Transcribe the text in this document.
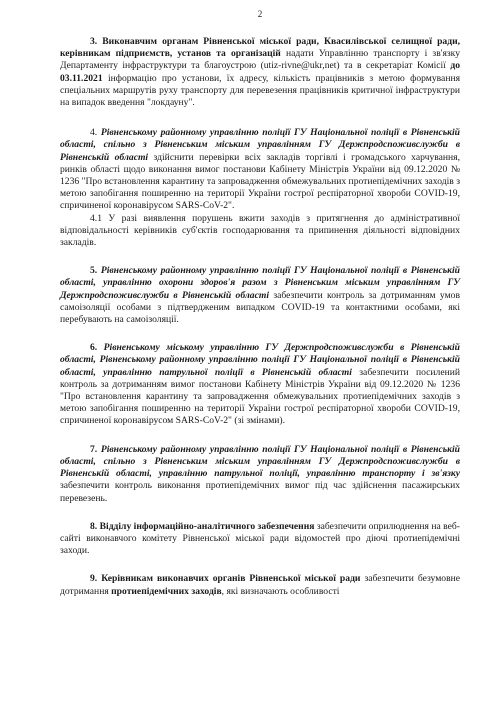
2

3. Виконавчим органам Рівненської міської ради, Квасилівської селищної ради, керівникам підприємств, установ та організацій надати Управлінню транспорту і зв'язку Департаменту інфраструктури та благоустрою (utiz-rivne@ukr,net) та в секретаріат Комісії до 03.11.2021 інформацію про установи, їх адресу, кількість працівників з метою формування спеціальних маршрутів руху транспорту для перевезення працівників критичної інфраструктури на випадок введення "локдауну".

4. Рівненському районному управлінню поліції ГУ Національної поліції в Рівненській області, спільно з Рівненським міським управлінням ГУ Держпродспоживслужби в Рівненській області здійснити перевірки всіх закладів торгівлі і громадського харчування, ринків області щодо виконання вимог постанови Кабінету Міністрів України від 09.12.2020 № 1236 "Про встановлення карантину та запровадження обмежувальних протиепідемічних заходів з метою запобігання поширенню на території України гострої респіраторної хвороби COVID-19, спричиненої коронавірусом SARS-CoV-2".

4.1 У разі виявлення порушень вжити заходів з притягнення до адміністративної відповідальності керівників суб'єктів господарювання та припинення діяльності відповідних закладів.

5. Рівненському районному управлінню поліції ГУ Національної поліції в Рівненській області, управлінню охорони здоров'я разом з Рівненським міським управлінням ГУ Держпродспоживслужби в Рівненській області забезпечити контроль за дотриманням умов самоізоляції особами з підтвердженим випадком COVID-19 та контактними особами, які перебувають на самоізоляції.

6. Рівненському міському управлінню ГУ Держпродспоживслужби в Рівненській області, Рівненському районному управлінню поліції ГУ Національної поліції в Рівненській області, управлінню патрульної поліції в Рівненській області забезпечити посилений контроль за дотриманням вимог постанови Кабінету Міністрів України від 09.12.2020 № 1236 "Про встановлення карантину та запровадження обмежувальних протиепідемічних заходів з метою запобігання поширенню на території України гострої респіраторної хвороби COVID-19, спричиненої коронавірусом SARS-CoV-2" (зі змінами).

7. Рівненському районному управлінню поліції ГУ Національної поліції в Рівненській області, спільно з Рівненським міським управлінням ГУ Держпродспоживслужби в Рівненській області, управлінню патрульної поліції, управлінню транспорту і зв'язку забезпечити контроль виконання протиепідемічних вимог під час здійснення пасажирських перевезень.

8. Відділу інформаційно-аналітичного забезпечення забезпечити оприлюднення на веб-сайті виконавчого комітету Рівненської міської ради відомостей про діючі протиепідемічні заходи.

9. Керівникам виконавчих органів Рівненської міської ради забезпечити безумовне дотримання протиепідемічних заходів, які визначають особливості
